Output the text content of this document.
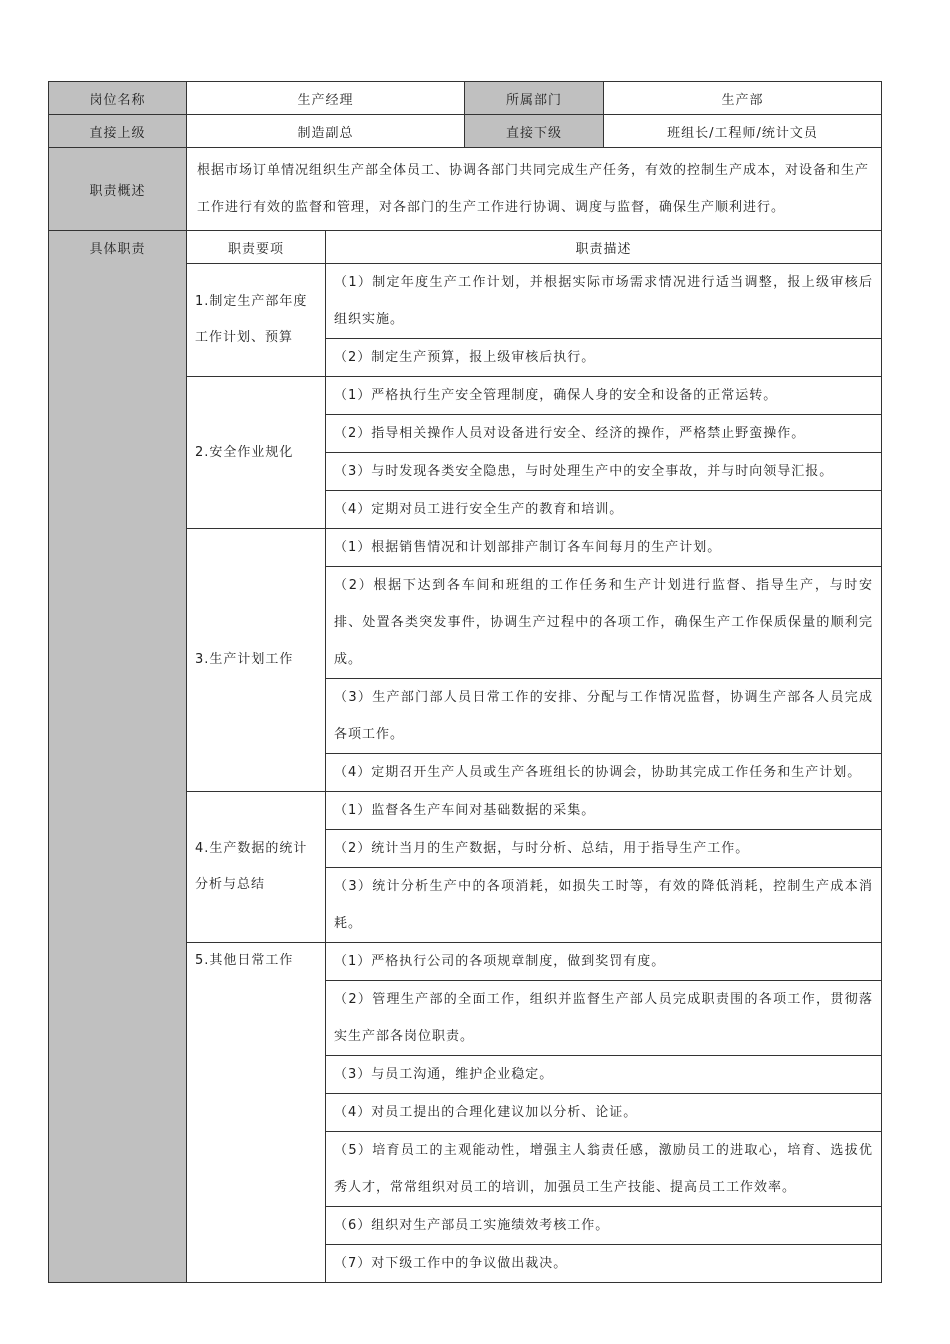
岗位名称	生产经理		所属部门	生产部
直接上级	制造副总		直接下级	班组长/工程师/统计文员
职责概述	根据市场订单情况组织生产部全体员工、协调各部门共同完成生产任务，有效的控制生产成本，对设备和生产工作进行有效的监督和管理，对各部门的生产工作进行协调、调度与监督，确保生产顺利进行。			
具体职责	职责要项	职责描述		
	1.制定生产部年度工作计划、预算	（1）制定年度生产工作计划，并根据实际市场需求情况进行适当调整，报上级审核后组织实施。		
		（2）制定生产预算，报上级审核后执行。		
	2.安全作业规化	（1）严格执行生产安全管理制度，确保人身的安全和设备的正常运转。		
		（2）指导相关操作人员对设备进行安全、经济的操作，严格禁止野蛮操作。		
		（3）与时发现各类安全隐患，与时处理生产中的安全事故，并与时向领导汇报。		
		（4）定期对员工进行安全生产的教育和培训。		
	3.生产计划工作	（1）根据销售情况和计划部排产制订各车间每月的生产计划。		
		（2）根据下达到各车间和班组的工作任务和生产计划进行监督、指导生产，与时安排、处置各类突发事件，协调生产过程中的各项工作，确保生产工作保质保量的顺利完成。		
		（3）生产部门部人员日常工作的安排、分配与工作情况监督，协调生产部各人员完成各项工作。		
		（4）定期召开生产人员或生产各班组长的协调会，协助其完成工作任务和生产计划。		
	4.生产数据的统计分析与总结	（1）监督各生产车间对基础数据的采集。		
		（2）统计当月的生产数据，与时分析、总结，用于指导生产工作。		
		（3）统计分析生产中的各项消耗，如损失工时等，有效的降低消耗，控制生产成本消耗。		
	5.其他日常工作	（1）严格执行公司的各项规章制度，做到奖罚有度。		
		（2）管理生产部的全面工作，组织并监督生产部人员完成职责围的各项工作，贯彻落实生产部各岗位职责。		
		（3）与员工沟通，维护企业稳定。		
		（4）对员工提出的合理化建议加以分析、论证。		
		（5）培育员工的主观能动性，增强主人翁责任感，激励员工的进取心，培育、选拔优秀人才，常常组织对员工的培训，加强员工生产技能、提高员工工作效率。		
		（6）组织对生产部员工实施绩效考核工作。		
		（7）对下级工作中的争议做出裁决。		
